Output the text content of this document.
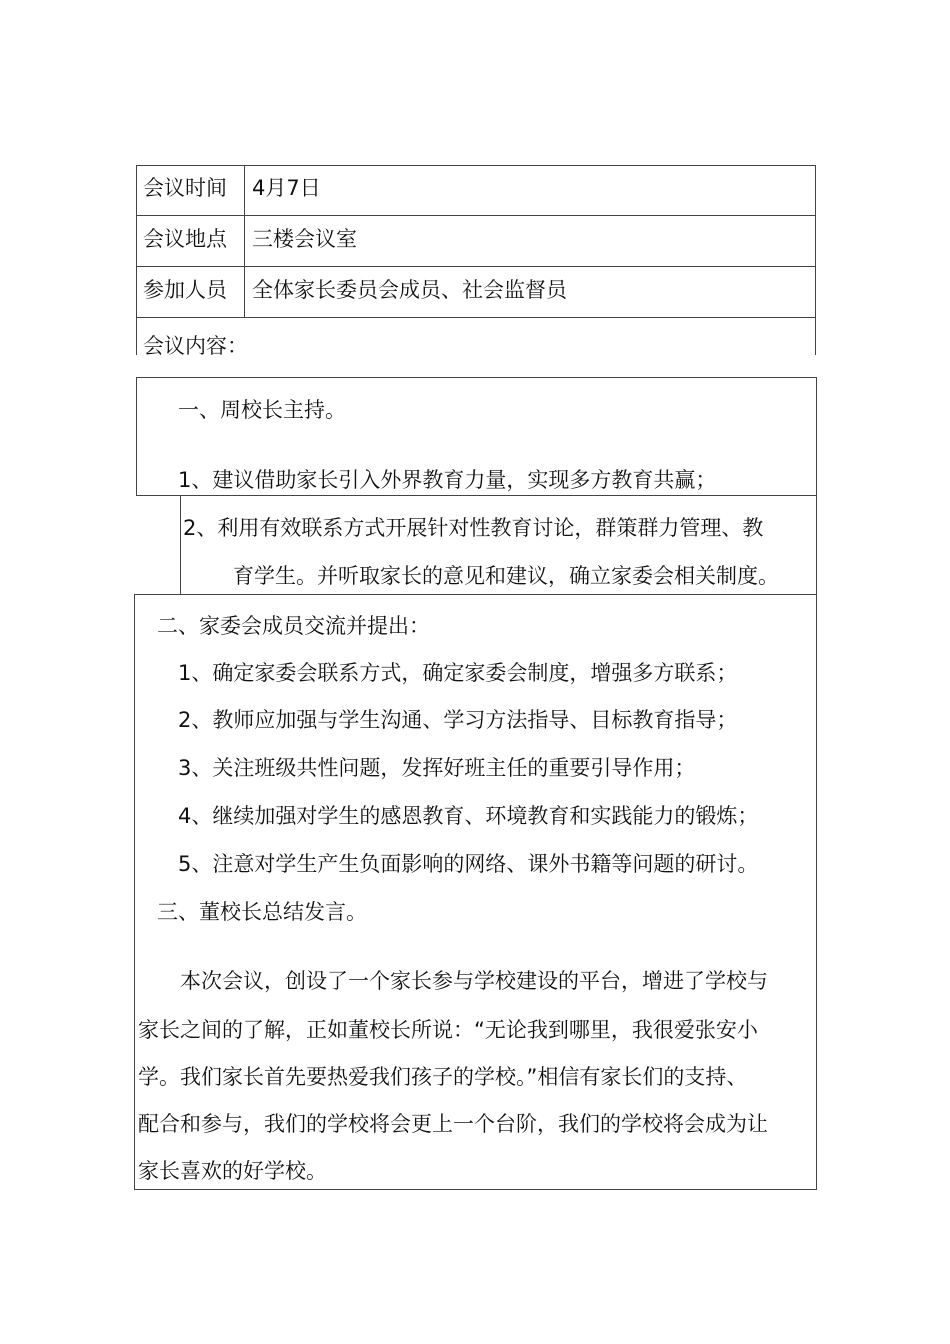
会议时间 4月7日
会议地点 三楼会议室
参加人员 全体家长委员会成员、社会监督员
会议内容：
一、周校长主持。
1、建议借助家长引入外界教育力量，实现多方教育共赢；
2、利用有效联系方式开展针对性教育讨论，群策群力管理、教
育学生。并听取家长的意见和建议，确立家委会相关制度。
二、家委会成员交流并提出：
1、确定家委会联系方式，确定家委会制度，增强多方联系；
2、教师应加强与学生沟通、学习方法指导、目标教育指导；
3、关注班级共性问题，发挥好班主任的重要引导作用；
4、继续加强对学生的感恩教育、环境教育和实践能力的锻炼；
5、注意对学生产生负面影响的网络、课外书籍等问题的研讨。
三、董校长总结发言。
本次会议，创设了一个家长参与学校建设的平台，增进了学校与
家长之间的了解，正如董校长所说：“无论我到哪里，我很爱张安小
学。我们家长首先要热爱我们孩子的学校。”相信有家长们的支持、
配合和参与，我们的学校将会更上一个台阶，我们的学校将会成为让
家长喜欢的好学校。
